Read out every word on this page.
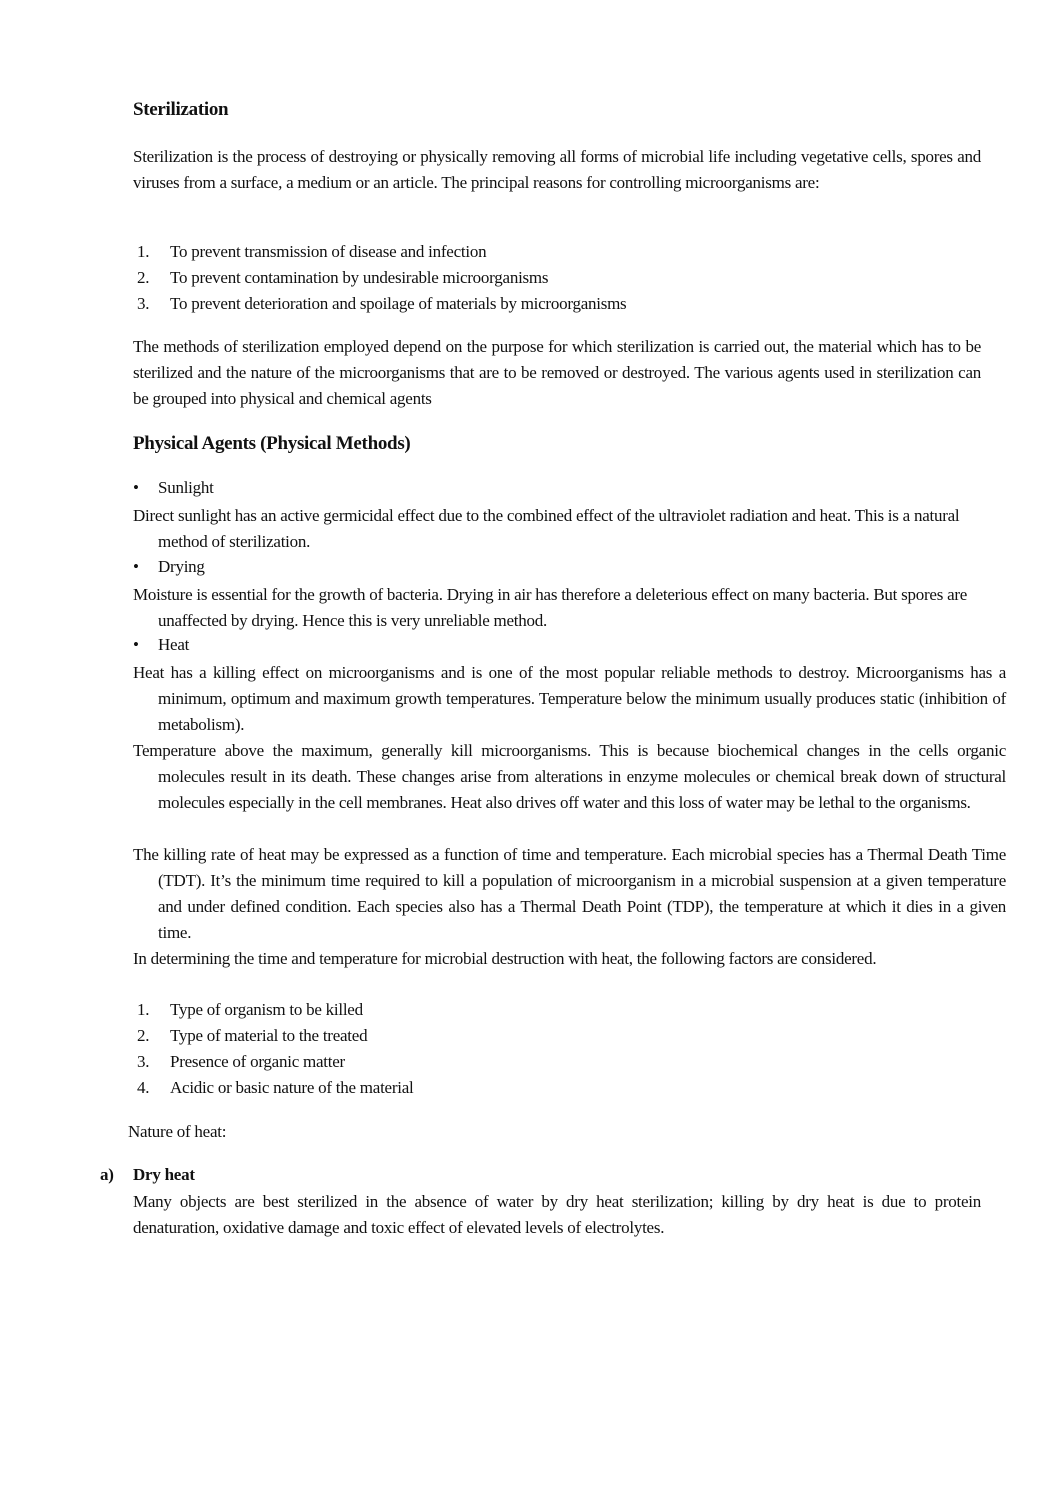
Sterilization
Sterilization is the process of destroying or physically removing all forms of microbial life including vegetative cells, spores and viruses from a surface, a medium or an article. The principal reasons for controlling microorganisms are:
1. To prevent transmission of disease and infection
2. To prevent contamination by undesirable microorganisms
3. To prevent deterioration and spoilage of materials by microorganisms
The methods of sterilization employed depend on the purpose for which sterilization is carried out, the material which has to be sterilized and the nature of the microorganisms that are to be removed or destroyed. The various agents used in sterilization can be grouped into physical and chemical agents
Physical Agents (Physical Methods)
• Sunlight
Direct sunlight has an active germicidal effect due to the combined effect of the ultraviolet radiation and heat. This is a natural method of sterilization.
• Drying
Moisture is essential for the growth of bacteria. Drying in air has therefore a deleterious effect on many bacteria. But spores are unaffected by drying. Hence this is very unreliable method.
• Heat
Heat has a killing effect on microorganisms and is one of the most popular reliable methods to destroy. Microorganisms has a minimum, optimum and maximum growth temperatures. Temperature below the minimum usually produces static (inhibition of metabolism).
Temperature above the maximum, generally kill microorganisms. This is because biochemical changes in the cells organic molecules result in its death. These changes arise from alterations in enzyme molecules or chemical break down of structural molecules especially in the cell membranes. Heat also drives off water and this loss of water may be lethal to the organisms.
The killing rate of heat may be expressed as a function of time and temperature. Each microbial species has a Thermal Death Time (TDT). It’s the minimum time required to kill a population of microorganism in a microbial suspension at a given temperature and under defined condition. Each species also has a Thermal Death Point (TDP), the temperature at which it dies in a given time.
In determining the time and temperature for microbial destruction with heat, the following factors are considered.
1. Type of organism to be killed
2. Type of material to the treated
3. Presence of organic matter
4. Acidic or basic nature of the material
Nature of heat:
a) Dry heat
Many objects are best sterilized in the absence of water by dry heat sterilization; killing by dry heat is due to protein denaturation, oxidative damage and toxic effect of elevated levels of electrolytes.
